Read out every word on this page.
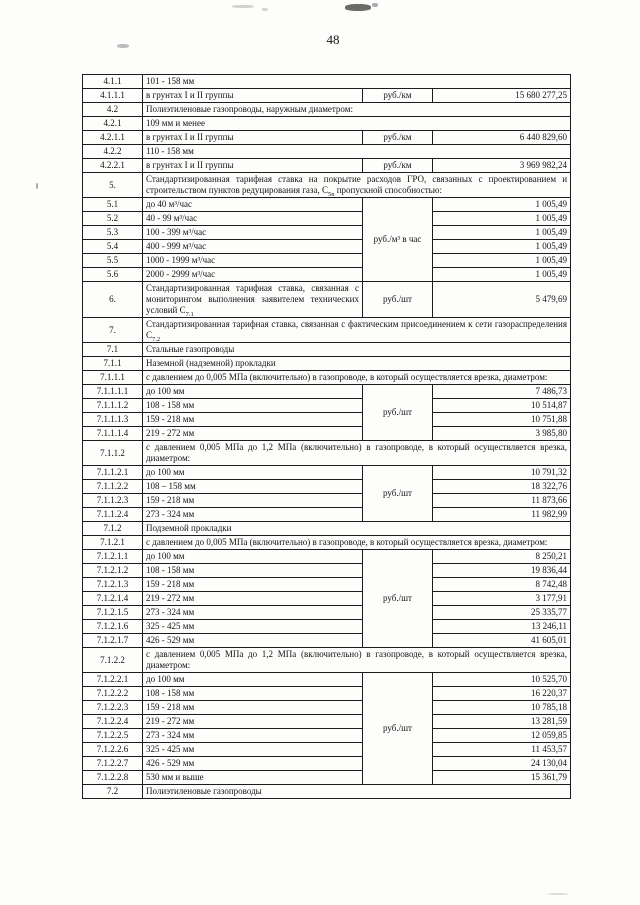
48
4.1.1	101 - 158 мм		
4.1.1.1	в грунтах I и II группы	руб./км	15 680 277,25
4.2	Полиэтиленовые газопроводы, наружным диаметром:		
4.2.1	109 мм и менее		
4.2.1.1	в грунтах I и II группы	руб./км	6 440 829,60
4.2.2	110 - 158 мм		
4.2.2.1	в грунтах I и II группы	руб./км	3 969 982,24
5.	Стандартизированная тарифная ставка на покрытие расходов ГРО, связанных с проектированием и строительством пунктов редуцирования газа, $C_{5n}$ пропускной способностью:		
5.1	до 40 м³/час	руб./м³ в час	1 005,49
5.2	40 - 99 м³/час		1 005,49
5.3	100 - 399 м³/час		1 005,49
5.4	400 - 999 м³/час		1 005,49
5.5	1000 - 1999 м³/час		1 005,49
5.6	2000 - 2999 м³/час		1 005,49
6.	Стандартизированная тарифная ставка, связанная с мониторингом выполнения заявителем технических условий $C_{7.1}$	руб./шт	5 479,69
7.	Стандартизированная тарифная ставка, связанная с фактическим присоединением к сети газораспределения $C_{7.2}$
7.1	Стальные газопроводы		
7.1.1	Наземной (надземной) прокладки		
7.1.1.1	с давлением до 0,005 МПа (включительно) в газопроводе, в который осуществляется врезка, диаметром:		
7.1.1.1.1	до 100 мм	руб./шт	7 486,73
7.1.1.1.2	108 - 158 мм		10 514,87
7.1.1.1.3	159 - 218 мм		10 751,88
7.1.1.1.4	219 - 272 мм		3 985,80
7.1.1.2	с давлением 0,005 МПа до 1,2 МПа (включительно) в газопроводе, в который осуществляется врезка, диаметром:		
7.1.1.2.1	до 100 мм	руб./шт	10 791,32
7.1.1.2.2	108 – 158 мм		18 322,76
7.1.1.2.3	159 - 218 мм		11 873,66
7.1.1.2.4	273 - 324 мм		11 982,99
7.1.2	Подземной прокладки		
7.1.2.1	с давлением до 0,005 МПа (включительно) в газопроводе, в который осуществляется врезка, диаметром:		
7.1.2.1.1	до 100 мм	руб./шт	8 250,21
7.1.2.1.2	108 - 158 мм		19 836,44
7.1.2.1.3	159 - 218 мм		8 742,48
7.1.2.1.4	219 - 272 мм		3 177,91
7.1.2.1.5	273 - 324 мм		25 335,77
7.1.2.1.6	325 - 425 мм		13 246,11
7.1.2.1.7	426 - 529 мм		41 605,01
7.1.2.2	с давлением 0,005 МПа до 1,2 МПа (включительно) в газопроводе, в который осуществляется врезка, диаметром:		
7.1.2.2.1	до 100 мм	руб./шт	10 525,70
7.1.2.2.2	108 - 158 мм		16 220,37
7.1.2.2.3	159 - 218 мм		10 785,18
7.1.2.2.4	219 - 272 мм		13 281,59
7.1.2.2.5	273 - 324 мм		12 059,85
7.1.2.2.6	325 - 425 мм		11 453,57
7.1.2.2.7	426 - 529 мм		24 130,04
7.1.2.2.8	530 мм и выше		15 361,79
7.2	Полиэтиленовые газопроводы		
